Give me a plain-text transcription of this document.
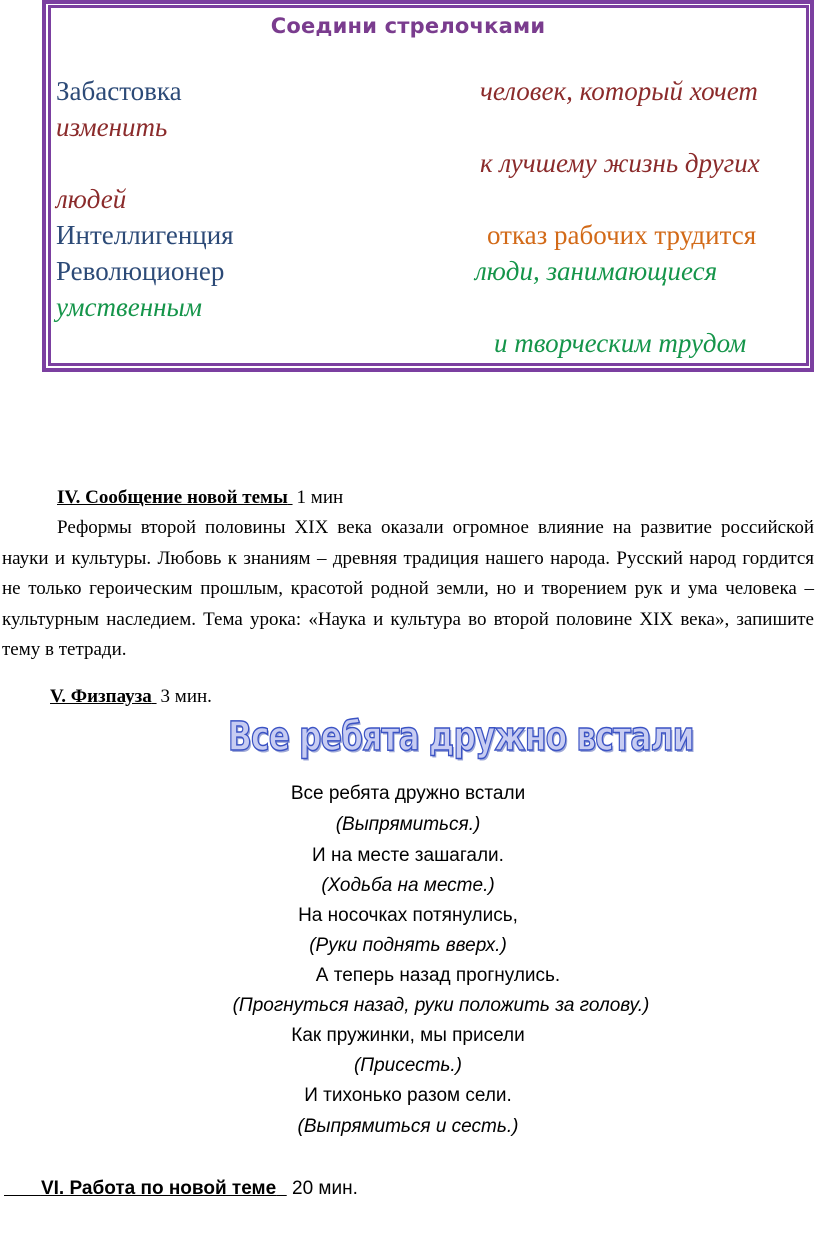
Соедини стрелочками
Забастовка	человек, который хочет
изменить
к лучшему жизнь других
людей
Интеллигенция	отказ рабочих трудится
Революционер	люди, занимающиеся
умственным
и творческим трудом
IV. Сообщение новой темы 1 мин
Реформы второй половины XIX века оказали огромное влияние на развитие российской науки и культуры. Любовь к знаниям – древняя традиция нашего народа. Русский народ гордится не только героическим прошлым, красотой родной земли, но и творением рук и ума человека – культурным наследием. Тема урока: «Наука и культура во второй половине XIX века», запишите тему в тетради.
V. Физпауза 3 мин.
Все ребята дружно встали
Все ребята дружно встали
(Выпрямиться.)
И на месте зашагали.
(Ходьба на месте.)
На носочках потянулись,
(Руки поднять вверх.)
А теперь назад прогнулись.
(Прогнуться назад, руки положить за голову.)
Как пружинки, мы присели
(Присесть.)
И тихонько разом сели.
(Выпрямиться и сесть.)
VI. Работа по новой теме 20 мин.
